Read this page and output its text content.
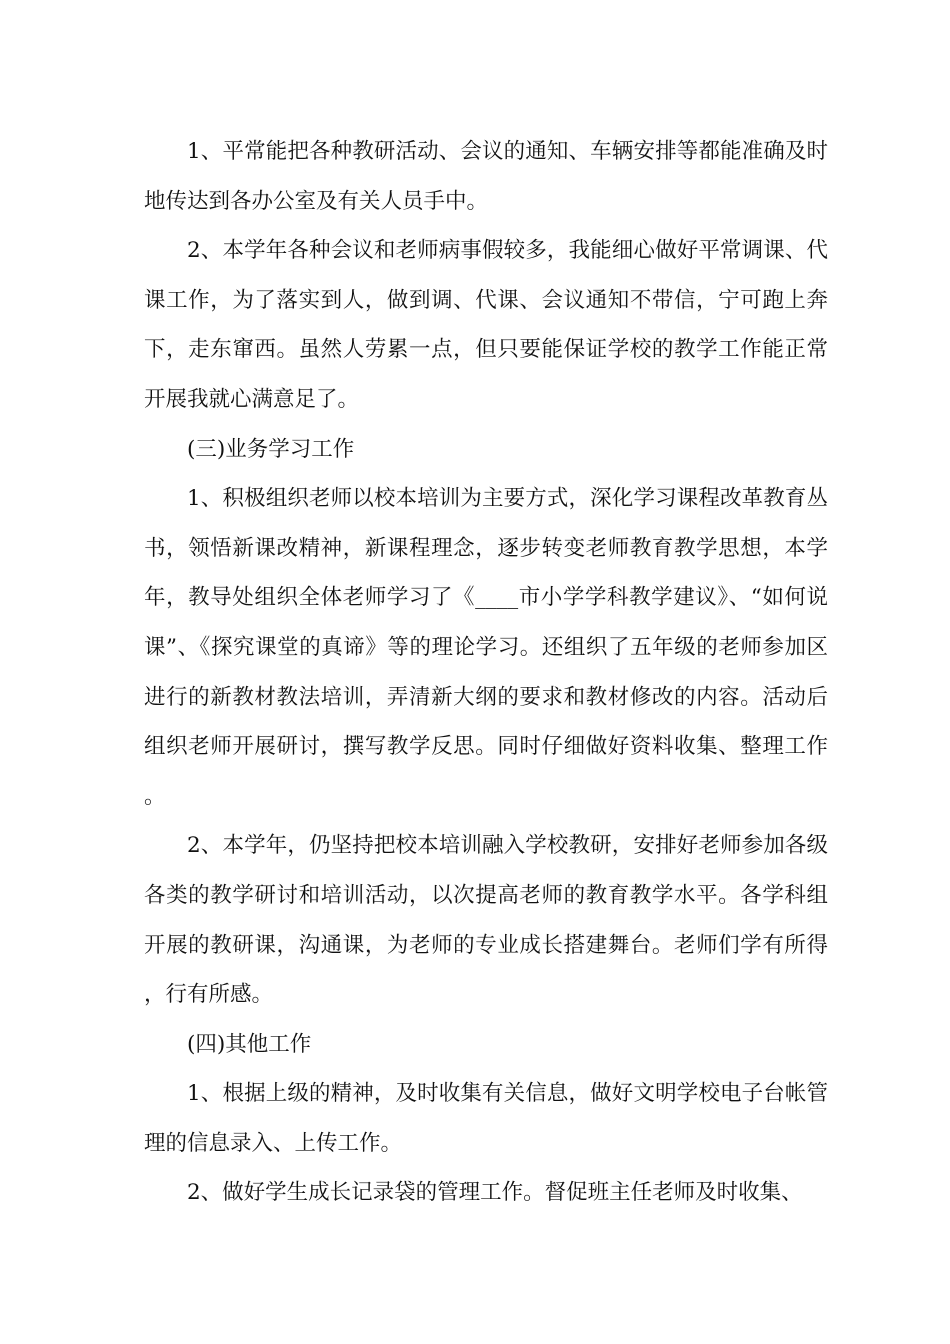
1、平常能把各种教研活动、会议的通知、车辆安排等都能准确及时地传达到各办公室及有关人员手中。

2、本学年各种会议和老师病事假较多，我能细心做好平常调课、代课工作，为了落实到人，做到调、代课、会议通知不带信，宁可跑上奔下，走东窜西。虽然人劳累一点，但只要能保证学校的教学工作能正常开展我就心满意足了。

(三)业务学习工作

1、积极组织老师以校本培训为主要方式，深化学习课程改革教育丛书，领悟新课改精神，新课程理念，逐步转变老师教育教学思想，本学年，教导处组织全体老师学习了《____市小学学科教学建议》、“如何说课”、《探究课堂的真谛》等的理论学习。还组织了五年级的老师参加区进行的新教材教法培训，弄清新大纲的要求和教材修改的内容。活动后组织老师开展研讨，撰写教学反思。同时仔细做好资料收集、整理工作。

2、本学年，仍坚持把校本培训融入学校教研，安排好老师参加各级各类的教学研讨和培训活动，以次提高老师的教育教学水平。各学科组开展的教研课，沟通课，为老师的专业成长搭建舞台。老师们学有所得，行有所感。

(四)其他工作

1、根据上级的精神，及时收集有关信息，做好文明学校电子台帐管理的信息录入、上传工作。

2、做好学生成长记录袋的管理工作。督促班主任老师及时收集、
